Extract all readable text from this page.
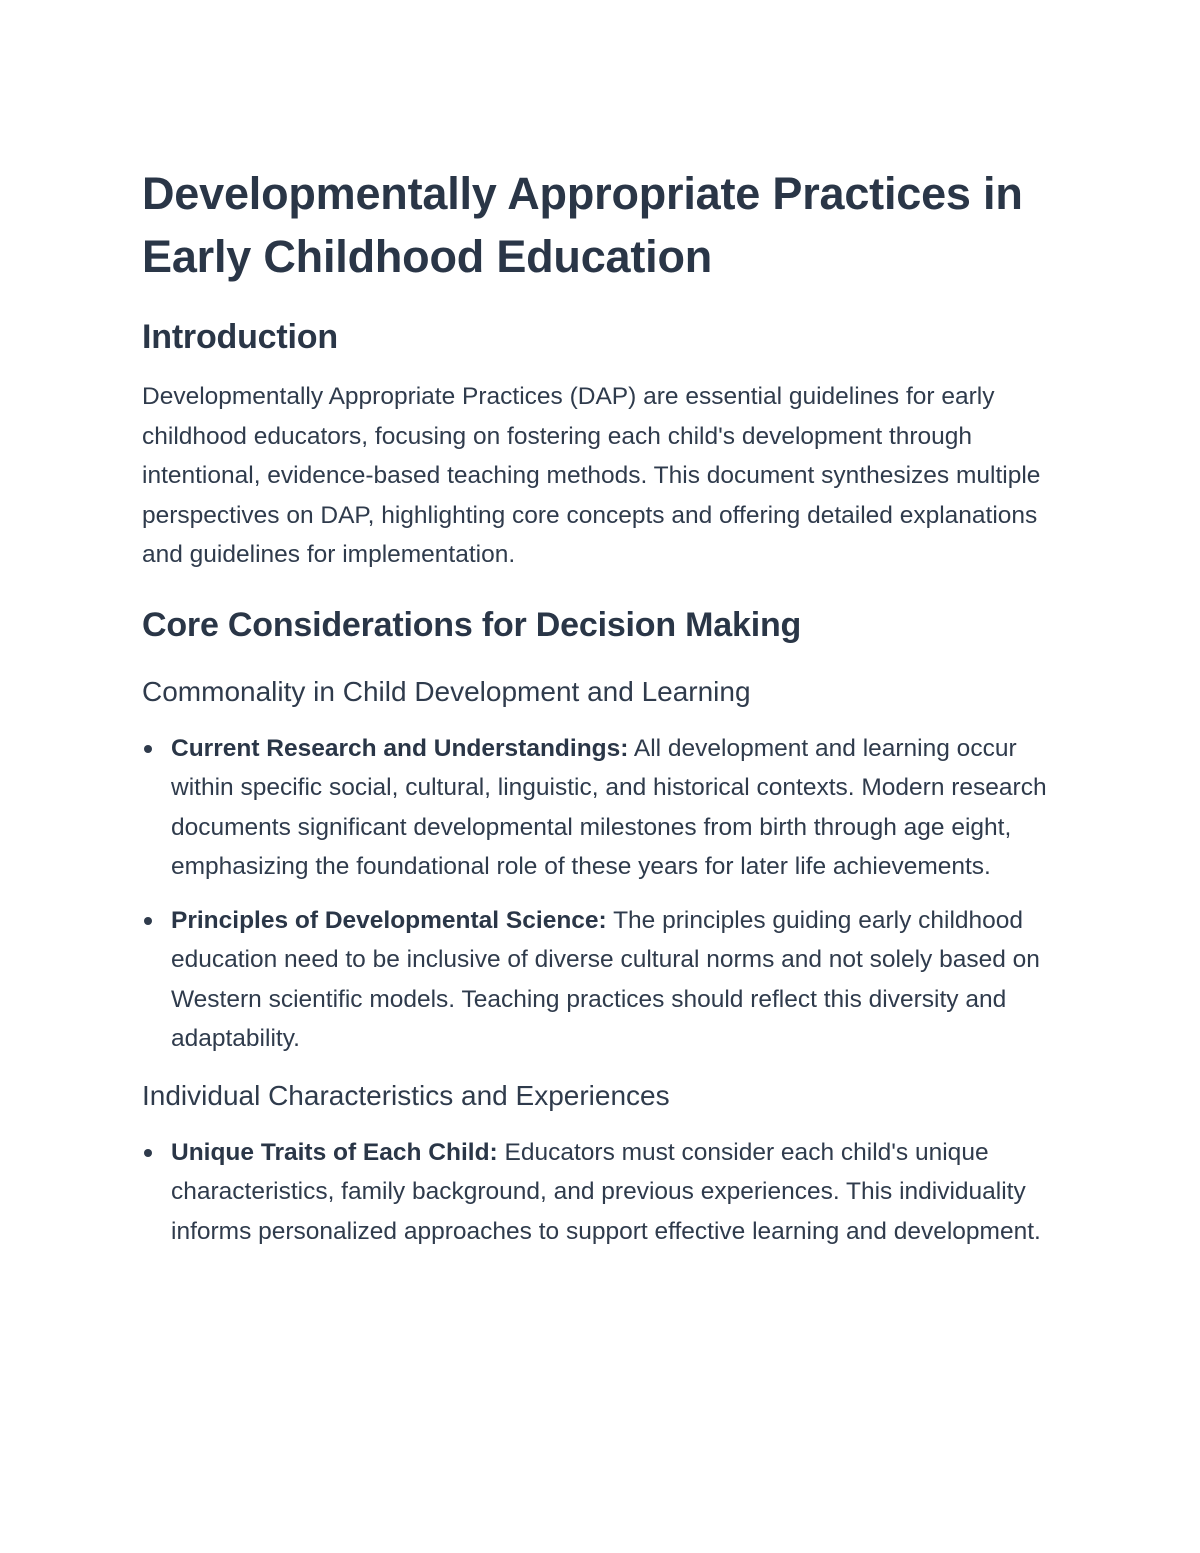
Developmentally Appropriate Practices in Early Childhood Education
Introduction

Developmentally Appropriate Practices (DAP) are essential guidelines for early childhood educators, focusing on fostering each child's development through intentional, evidence-based teaching methods. This document synthesizes multiple perspectives on DAP, highlighting core concepts and offering detailed explanations and guidelines for implementation.

Core Considerations for Decision Making
Commonality in Child Development and Learning
Current Research and Understandings: All development and learning occur within specific social, cultural, linguistic, and historical contexts. Modern research documents significant developmental milestones from birth through age eight, emphasizing the foundational role of these years for later life achievements.
Principles of Developmental Science: The principles guiding early childhood education need to be inclusive of diverse cultural norms and not solely based on Western scientific models. Teaching practices should reflect this diversity and adaptability.
Individual Characteristics and Experiences
Unique Traits of Each Child: Educators must consider each child's unique characteristics, family background, and previous experiences. This individuality informs personalized approaches to support effective learning and development.
